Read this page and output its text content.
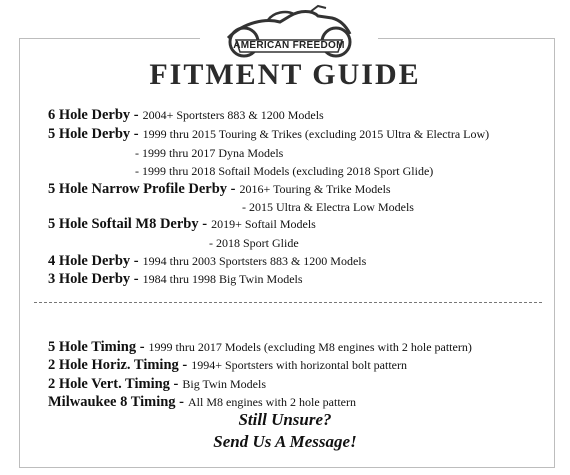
AMERICAN FREEDOM
FITMENT GUIDE
6 Hole Derby - 2004+ Sportsters 883 & 1200 Models
5 Hole Derby - 1999 thru 2015 Touring & Trikes (excluding 2015 Ultra & Electra Low)
- 1999 thru 2017 Dyna Models
- 1999 thru 2018 Softail Models (excluding 2018 Sport Glide)
5 Hole Narrow Profile Derby - 2016+ Touring & Trike Models
- 2015 Ultra & Electra Low Models
5 Hole Softail M8 Derby - 2019+ Softail Models
- 2018 Sport Glide
4 Hole Derby - 1994 thru 2003 Sportsters 883 & 1200 Models
3 Hole Derby - 1984 thru 1998 Big Twin Models
5 Hole Timing - 1999 thru 2017 Models (excluding M8 engines with 2 hole pattern)
2 Hole Horiz. Timing - 1994+ Sportsters with horizontal bolt pattern
2 Hole Vert. Timing - Big Twin Models
Milwaukee 8 Timing - All M8 engines with 2 hole pattern
Still Unsure?
Send Us A Message!
